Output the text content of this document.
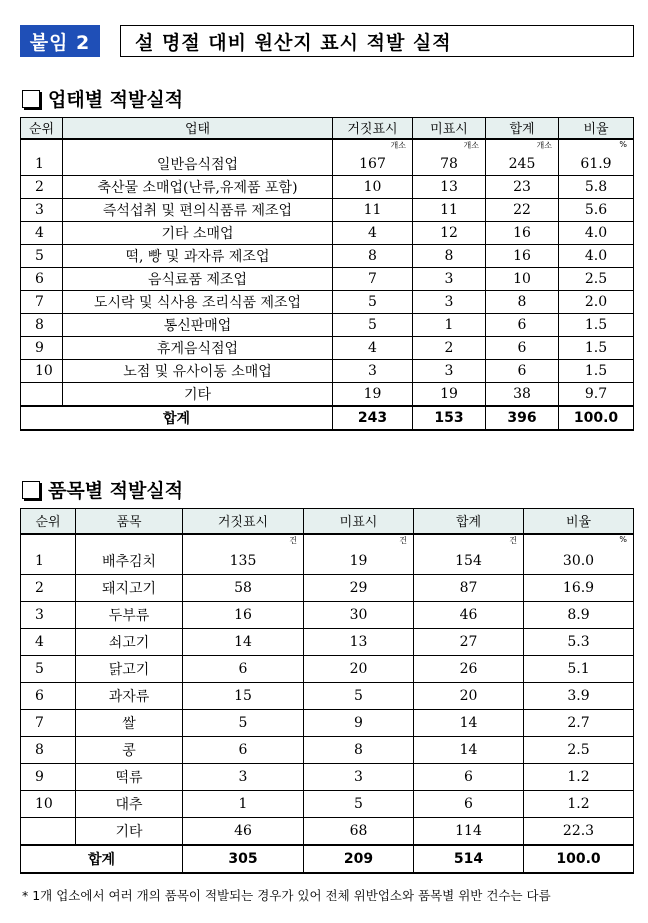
붙임 2	설 명절 대비 원산지 표시 적발 실적
업태별 적발실적
순위	업태	거짓표시	미표시	합계	비율
		개소	개소	개소	%
1	일반음식점업	167	78	245	61.9
2	축산물 소매업(난류,유제품 포함)	10	13	23	5.8
3	즉석섭취 및 편의식품류 제조업	11	11	22	5.6
4	기타 소매업	4	12	16	4.0
5	떡, 빵 및 과자류 제조업	8	8	16	4.0
6	음식료품 제조업	7	3	10	2.5
7	도시락 및 식사용 조리식품 제조업	5	3	8	2.0
8	통신판매업	5	1	6	1.5
9	휴게음식점업	4	2	6	1.5
10	노점 및 유사이동 소매업	3	3	6	1.5
	기타	19	19	38	9.7
합계		243	153	396	100.0
품목별 적발실적
순위	품목	거짓표시	미표시	합계	비율
		건	건	건	%
1	배추김치	135	19	154	30.0
2	돼지고기	58	29	87	16.9
3	두부류	16	30	46	8.9
4	쇠고기	14	13	27	5.3
5	닭고기	6	20	26	5.1
6	과자류	15	5	20	3.9
7	쌀	5	9	14	2.7
8	콩	6	8	14	2.5
9	떡류	3	3	6	1.2
10	대추	1	5	6	1.2
	기타	46	68	114	22.3
합계		305	209	514	100.0
* 1개 업소에서 여러 개의 품목이 적발되는 경우가 있어 전체 위반업소와 품목별 위반 건수는 다름
